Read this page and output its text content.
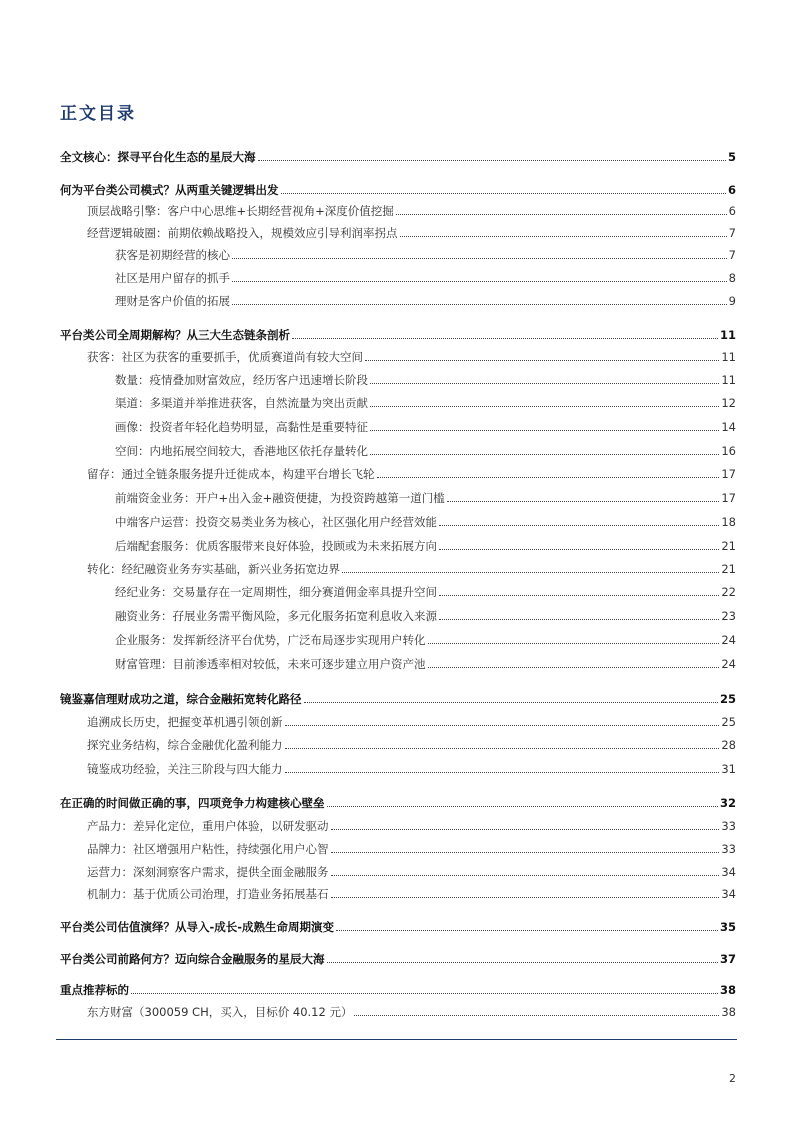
正文目录
全文核心：探寻平台化生态的星辰大海	5
何为平台类公司模式？从两重关键逻辑出发	6
顶层战略引擎：客户中心思维+长期经营视角+深度价值挖掘	6
经营逻辑破圈：前期依赖战略投入，规模效应引导利润率拐点	7
获客是初期经营的核心	7
社区是用户留存的抓手	8
理财是客户价值的拓展	9
平台类公司全周期解构？从三大生态链条剖析	11
获客：社区为获客的重要抓手，优质赛道尚有较大空间	11
数量：疫情叠加财富效应，经历客户迅速增长阶段	11
渠道：多渠道并举推进获客，自然流量为突出贡献	12
画像：投资者年轻化趋势明显，高黏性是重要特征	14
空间：内地拓展空间较大，香港地区依托存量转化	16
留存：通过全链条服务提升迁徙成本，构建平台增长飞轮	17
前端资金业务：开户+出入金+融资便捷，为投资跨越第一道门槛	17
中端客户运营：投资交易类业务为核心，社区强化用户经营效能	18
后端配套服务：优质客服带来良好体验，投顾或为未来拓展方向	21
转化：经纪融资业务夯实基础，新兴业务拓宽边界	21
经纪业务：交易量存在一定周期性，细分赛道佣金率具提升空间	22
融资业务：孖展业务需平衡风险，多元化服务拓宽利息收入来源	23
企业服务：发挥新经济平台优势，广泛布局逐步实现用户转化	24
财富管理：目前渗透率相对较低，未来可逐步建立用户资产池	24
镜鉴嘉信理财成功之道，综合金融拓宽转化路径	25
追溯成长历史，把握变革机遇引领创新	25
探究业务结构，综合金融优化盈利能力	28
镜鉴成功经验，关注三阶段与四大能力	31
在正确的时间做正确的事，四项竞争力构建核心壁垒	32
产品力：差异化定位，重用户体验，以研发驱动	33
品牌力：社区增强用户粘性，持续强化用户心智	33
运营力：深刻洞察客户需求，提供全面金融服务	34
机制力：基于优质公司治理，打造业务拓展基石	34
平台类公司估值演绎？从导入-成长-成熟生命周期演变	35
平台类公司前路何方？迈向综合金融服务的星辰大海	37
重点推荐标的	38
东方财富（300059 CH，买入，目标价 40.12 元）	38
2
